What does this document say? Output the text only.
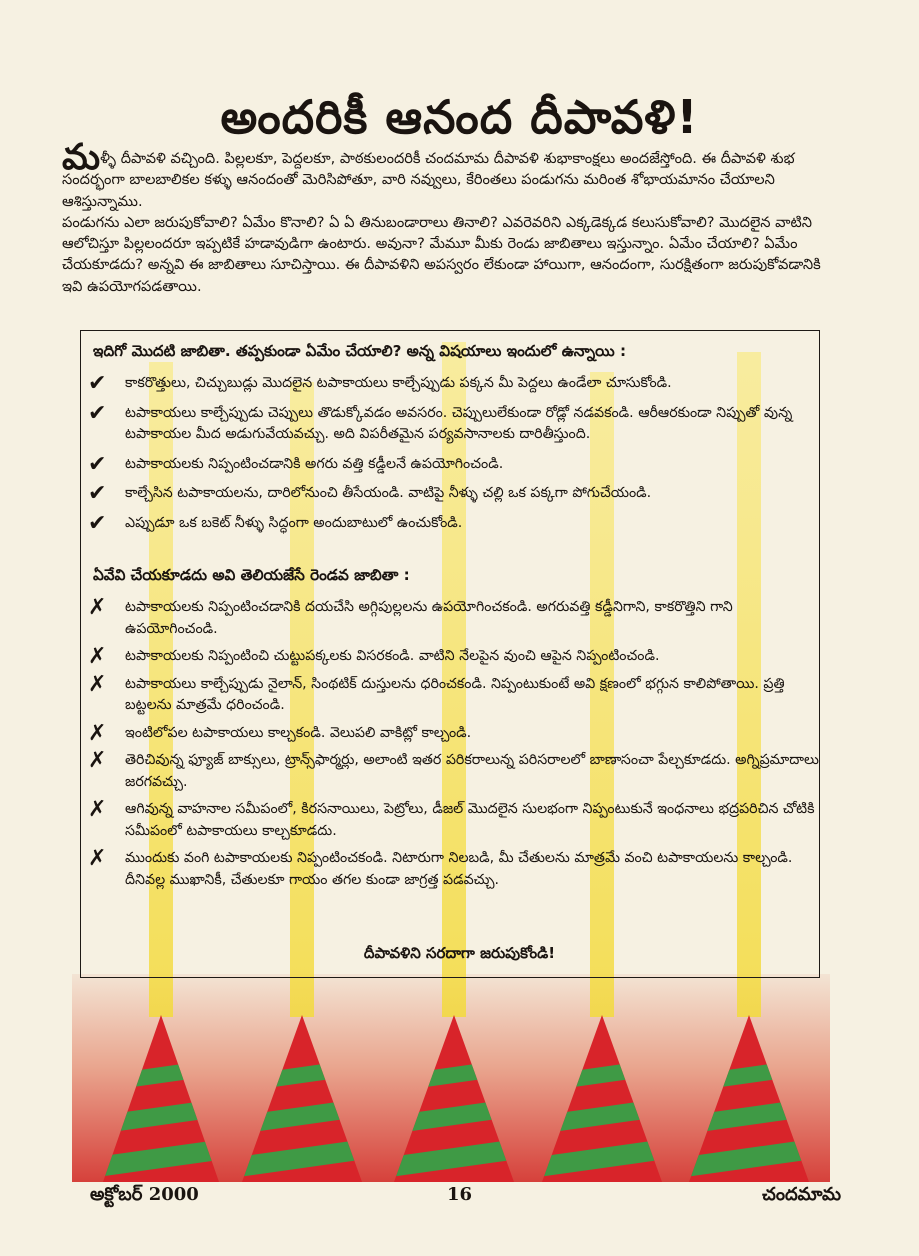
అందరికీ ఆనంద దీపావళి!

మళ్ళీ దీపావళి వచ్చింది. పిల్లలకూ, పెద్దలకూ, పాఠకులందరికీ చందమామ దీపావళి శుభాకాంక్షలు అందజేస్తోంది. ఈ దీపావళి శుభ సందర్భంగా బాలబాలికల కళ్ళు ఆనందంతో మెరిసిపోతూ, వారి నవ్వులు, కేరింతలు పండుగను మరింత శోభాయమానం చేయాలని ఆశిస్తున్నాము.

పండుగను ఎలా జరుపుకోవాలి? ఏమేం కొనాలి? ఏ ఏ తినుబండారాలు తినాలి? ఎవరెవరిని ఎక్కడెక్కడ కలుసుకోవాలి? మొదలైన వాటిని ఆలోచిస్తూ పిల్లలందరూ ఇప్పటికే హడావుడిగా ఉంటారు. అవునా? మేమూ మీకు రెండు జాబితాలు ఇస్తున్నాం. ఏమేం చేయాలి? ఏమేం చేయకూడదు? అన్నవి ఈ జాబితాలు సూచిస్తాయి. ఈ దీపావళిని అపస్వరం లేకుండా హాయిగా, ఆనందంగా, సురక్షితంగా జరుపుకోవడానికి ఇవి ఉపయోగపడతాయి.

ఇదిగో మొదటి జాబితా. తప్పకుండా ఏమేం చేయాలి? అన్న విషయాలు ఇందులో ఉన్నాయి :
✔ కాకరొత్తులు, చిచ్చుబుడ్లు మొదలైన టపాకాయలు కాల్చేప్పుడు పక్కన మీ పెద్దలు ఉండేలా చూసుకోండి.
✔ టపాకాయలు కాల్చేప్పుడు చెప్పులు తొడుక్కోవడం అవసరం. చెప్పులులేకుండా రోడ్లో నడవకండి. ఆరీఆరకుండా నిప్పుతో వున్న టపాకాయల మీద అడుగువేయవచ్చు. అది విపరీతమైన పర్యవసానాలకు దారితీస్తుంది.
✔ టపాకాయలకు నిప్పంటించడానికి అగరు వత్తి కడ్డీలనే ఉపయోగించండి.
✔ కాల్చేసిన టపాకాయలను, దారిలోనుంచి తీసేయండి. వాటిపై నీళ్ళు చల్లి ఒక పక్కగా పోగుచేయండి.
✔ ఎప్పుడూ ఒక బకెట్ నీళ్ళు సిద్ధంగా అందుబాటులో ఉంచుకోండి.
ఏవేవి చేయకూడదు అవి తెలియజేసే రెండవ జాబితా :
✗ టపాకాయలకు నిప్పంటించడానికి దయచేసి అగ్గిపుల్లలను ఉపయోగించకండి. అగరువత్తి కడ్డీనిగాని, కాకరొత్తిని గాని ఉపయోగించండి.
✗ టపాకాయలకు నిప్పంటించి చుట్టుపక్కలకు విసరకండి. వాటిని నేలపైన వుంచి ఆపైన నిప్పంటించండి.
✗ టపాకాయలు కాల్చేప్పుడు నైలాన్, సింథటిక్ దుస్తులను ధరించకండి. నిప్పంటుకుంటే అవి క్షణంలో భగ్గున కాలిపోతాయి. ప్రత్తి బట్టలను మాత్రమే ధరించండి.
✗ ఇంటిలోపల టపాకాయలు కాల్చకండి. వెలుపలి వాకిట్లో కాల్చండి.
✗ తెరిచివున్న ఫ్యూజ్ బాక్సులు, ట్రాన్స్‌ఫార్మర్లు, అలాంటి ఇతర పరికరాలున్న పరిసరాలలో బాణాసంచా పేల్చకూడదు. అగ్నిప్రమాదాలు జరగవచ్చు.
✗ ఆగివున్న వాహనాల సమీపంలో, కిరసనాయిలు, పెట్రోలు, డీజల్ మొదలైన సులభంగా నిప్పంటుకునే ఇంధనాలు భద్రపరిచిన చోటికి సమీపంలో టపాకాయలు కాల్చకూడదు.
✗ ముందుకు వంగి టపాకాయలకు నిప్పంటించకండి. నిటారుగా నిలబడి, మీ చేతులను మాత్రమే వంచి టపాకాయలను కాల్చండి. దీనివల్ల ముఖానికీ, చేతులకూ గాయం తగల కుండా జాగ్రత్త పడవచ్చు.
దీపావళిని సరదాగా జరుపుకోండి!
అక్టోబర్ 2000	16	చందమామ
